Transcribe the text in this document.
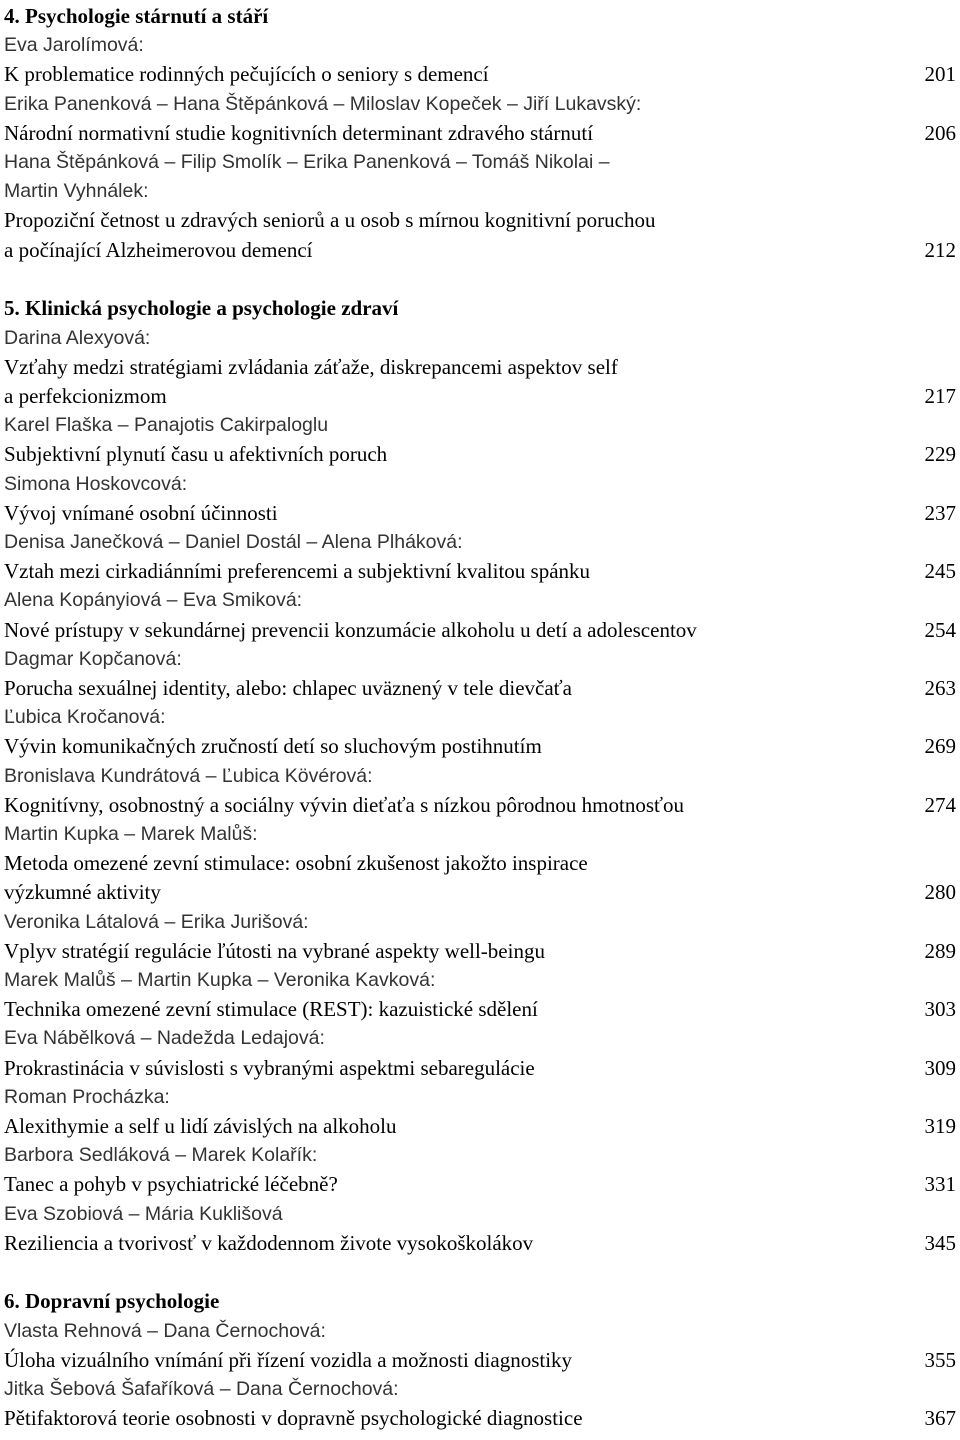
4. Psychologie stárnutí a stáří
Eva Jarolímová:
K problematice rodinných pečujících o seniory s demencí	201
Erika Panenková – Hana Štěpánková – Miloslav Kopeček – Jiří Lukavský:
Národní normativní studie kognitivních determinant zdravého stárnutí	206
Hana Štěpánková – Filip Smolík – Erika Panenková – Tomáš Nikolai –
Martin Vyhnálek:
Propoziční četnost u zdravých seniorů a u osob s mírnou kognitivní poruchou
a počínající Alzheimerovou demencí	212
5. Klinická psychologie a psychologie zdraví
Darina Alexyová:
Vzťahy medzi stratégiami zvládania záťaže, diskrepancemi aspektov self
a perfekcionizmom	217
Karel Flaška – Panajotis Cakirpaloglu
Subjektivní plynutí času u afektivních poruch	229
Simona Hoskovcová:
Vývoj vnímané osobní účinnosti	237
Denisa Janečková – Daniel Dostál – Alena Plháková:
Vztah mezi cirkadiánními preferencemi a subjektivní kvalitou spánku	245
Alena Kopányiová – Eva Smiková:
Nové prístupy v sekundárnej prevencii konzumácie alkoholu u detí a adolescentov	254
Dagmar Kopčanová:
Porucha sexuálnej identity, alebo: chlapec uväznený v tele dievčaťa	263
Ľubica Kročanová:
Vývin komunikačných zručností detí so sluchovým postihnutím	269
Bronislava Kundrátová – Ľubica Kövérová:
Kognitívny, osobnostný a sociálny vývin dieťaťa s nízkou pôrodnou hmotnosťou	274
Martin Kupka – Marek Malůš:
Metoda omezené zevní stimulace: osobní zkušenost jakožto inspirace
výzkumné aktivity	280
Veronika Látalová – Erika Jurišová:
Vplyv stratégií regulácie ľútosti na vybrané aspekty well-beingu	289
Marek Malůš – Martin Kupka – Veronika Kavková:
Technika omezené zevní stimulace (REST): kazuistické sdělení	303
Eva Nábělková – Nadežda Ledajová:
Prokrastinácia v súvislosti s vybranými aspektmi sebaregulácie	309
Roman Procházka:
Alexithymie a self u lidí závislých na alkoholu	319
Barbora Sedláková – Marek Kolařík:
Tanec a pohyb v psychiatrické léčebně?	331
Eva Szobiová – Mária Kuklišová
Reziliencia a tvorivosť v každodennom živote vysokoškolákov	345
6. Dopravní psychologie
Vlasta Rehnová – Dana Černochová:
Úloha vizuálního vnímání při řízení vozidla a možnosti diagnostiky	355
Jitka Šebová Šafaříková – Dana Černochová:
Pětifaktorová teorie osobnosti v dopravně psychologické diagnostice	367
